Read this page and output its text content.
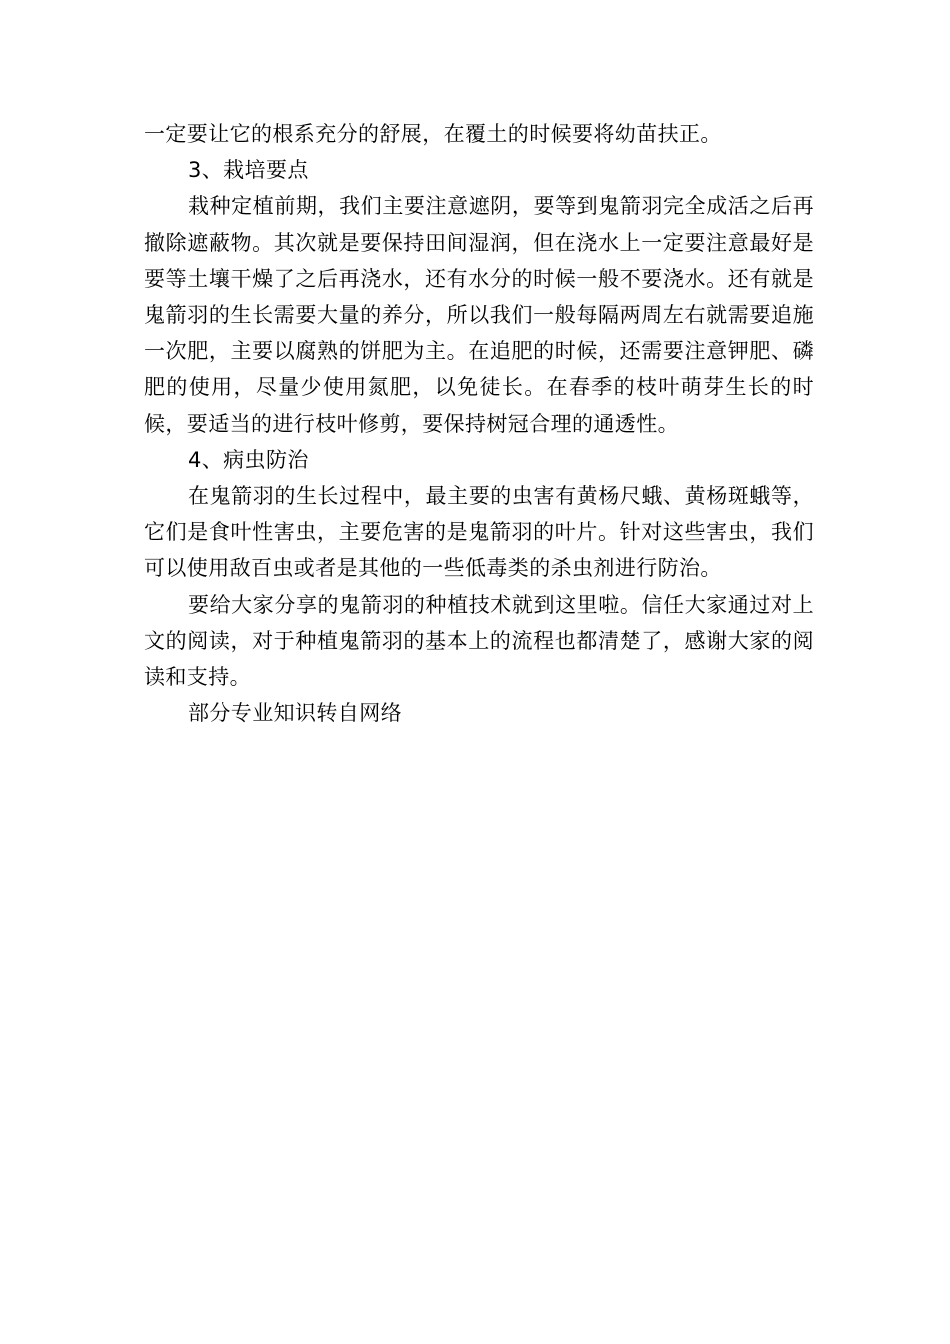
一定要让它的根系充分的舒展，在覆土的时候要将幼苗扶正。

3、栽培要点

栽种定植前期，我们主要注意遮阴，要等到鬼箭羽完全成活之后再撤除遮蔽物。其次就是要保持田间湿润，但在浇水上一定要注意最好是要等土壤干燥了之后再浇水，还有水分的时候一般不要浇水。还有就是鬼箭羽的生长需要大量的养分，所以我们一般每隔两周左右就需要追施一次肥，主要以腐熟的饼肥为主。在追肥的时候，还需要注意钾肥、磷肥的使用，尽量少使用氮肥，以免徒长。在春季的枝叶萌芽生长的时候，要适当的进行枝叶修剪，要保持树冠合理的通透性。

4、病虫防治

在鬼箭羽的生长过程中，最主要的虫害有黄杨尺蛾、黄杨斑蛾等，它们是食叶性害虫，主要危害的是鬼箭羽的叶片。针对这些害虫，我们可以使用敌百虫或者是其他的一些低毒类的杀虫剂进行防治。

要给大家分享的鬼箭羽的种植技术就到这里啦。信任大家通过对上文的阅读，对于种植鬼箭羽的基本上的流程也都清楚了，感谢大家的阅读和支持。

部分专业知识转自网络
